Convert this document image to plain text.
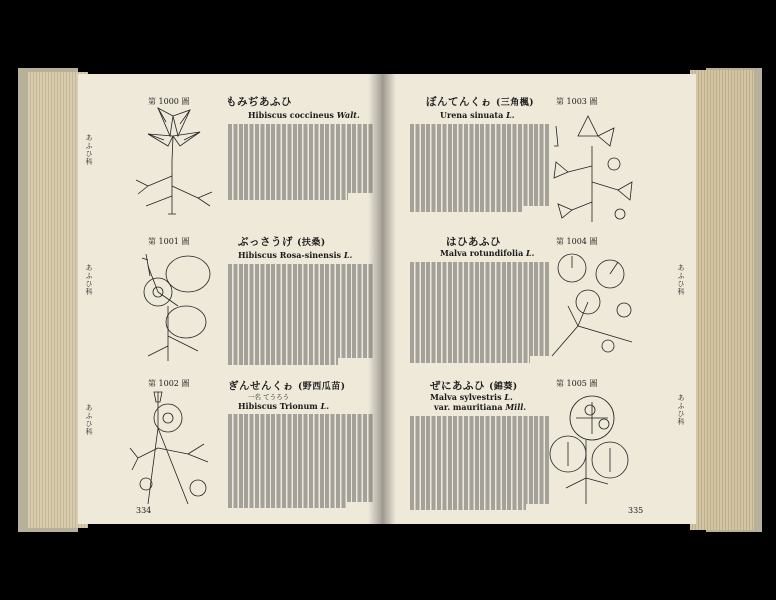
第 1000 圖
あふひ科
もみぢあふひ
Hibiscus coccineus Walt.
第 1001 圖
あふひ科
ぶっさうげ (扶桑)
Hibiscus Rosa-sinensis L.
第 1002 圖
あふひ科
ぎんせんくゎ (野西瓜苗)
一名 てうろう
Hibiscus Trionum L.
334
ぼんてんくゎ (三角楓)
Urena sinuata L.
第 1003 圖
はひあふひ
Malva rotundifolia L.
第 1004 圖
あふひ科
ぜにあふひ (錦葵)
Malva sylvestris L.
var. mauritiana Mill.
第 1005 圖
あふひ科
335
